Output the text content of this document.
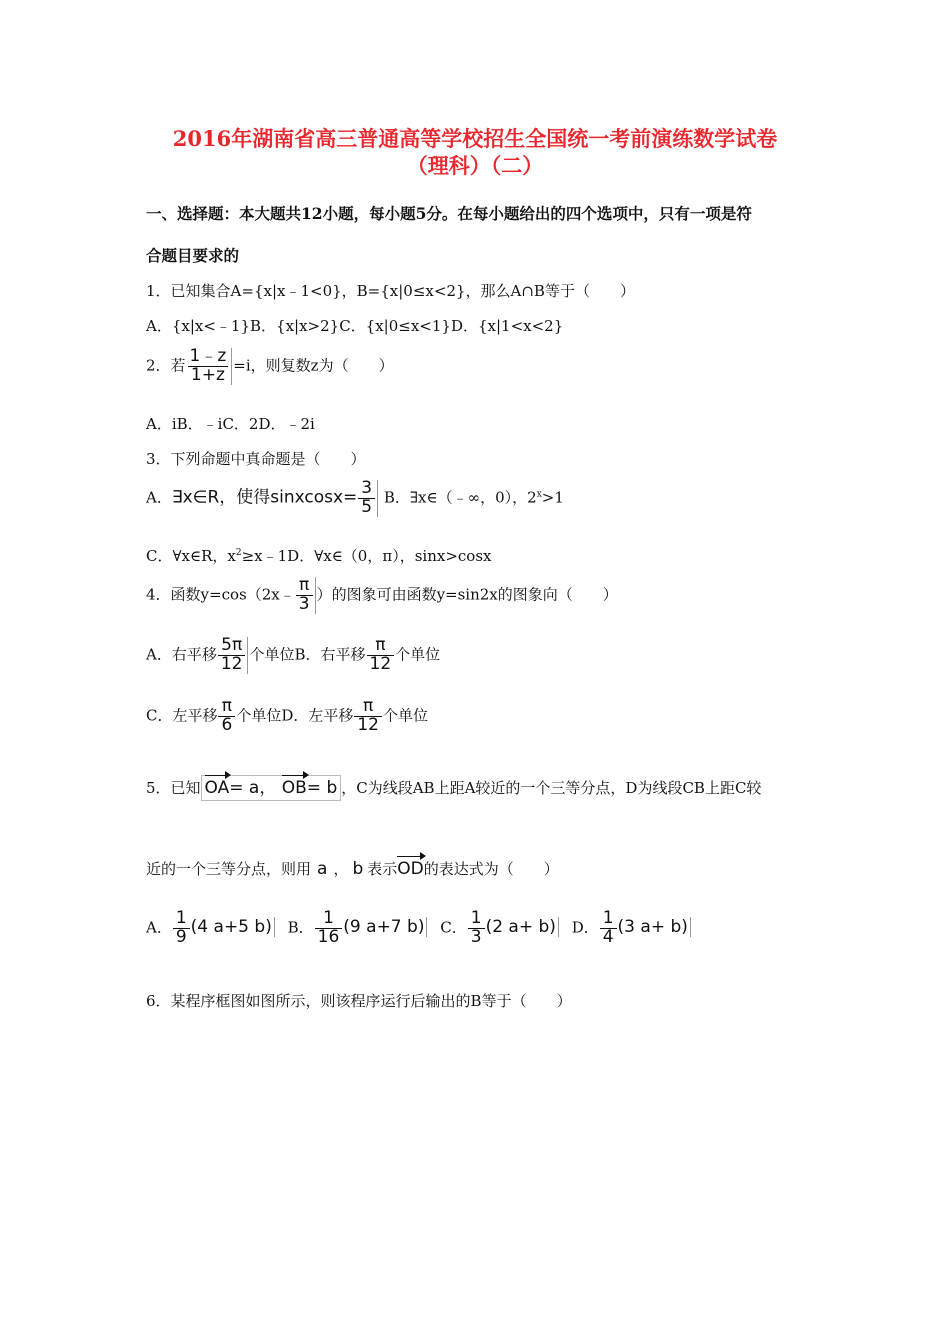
2016年湖南省高三普通高等学校招生全国统一考前演练数学试卷
（理科）（二）
一、选择题：本大题共12小题，每小题5分。在每小题给出的四个选项中，只有一项是符
合题目要求的
1．已知集合A={x|x﹣1<0}，B={x|0≤x<2}，那么A∩B等于（　　）
A．{x|x<﹣1}B．{x|x>2}C．{x|0≤x<1}D．{x|1<x<2}
2．若 $\frac{1﹣z}{1+z} =i$，则复数z为（　　）
A．iB．﹣iC．2D．﹣2i
3．下列命题中真命题是（　　）
A．∃x∈R，使得sinxcosx= $\frac{3}{5}$ B．∃x∈（﹣∞，0），$2^x>1$
C．∀x∈R，$x^2\ge x﹣1D$．∀x∈（0，π），sinx>cosx
4．函数y=cos（2x﹣ $\frac{\pi}{3}$ ）的图象可由函数y=sin2x的图象向（　　）
A．右平移 $\frac{5\pi}{12}$ 个单位B．右平移 $\frac{\pi}{12}$ 个单位
C．左平移 $\frac{\pi}{6}$ 个单位D．左平移 $\frac{\pi}{12}$ 个单位
5．已知 OA= a， OB= b ，C为线段AB上距A较近的一个三等分点，D为线段CB上距C较
近的一个三等分点，则用 a ， b 表示OD的表达式为（　　）
A． $\frac{1}{9} (4$ a+5 b) B． $\frac{1}{16} (9$ a+7 b) C． $\frac{1}{3} (2$ a+ b) D． $\frac{1}{4} (3$ a+ b)
6．某程序框图如图所示，则该程序运行后输出的B等于（　　）
